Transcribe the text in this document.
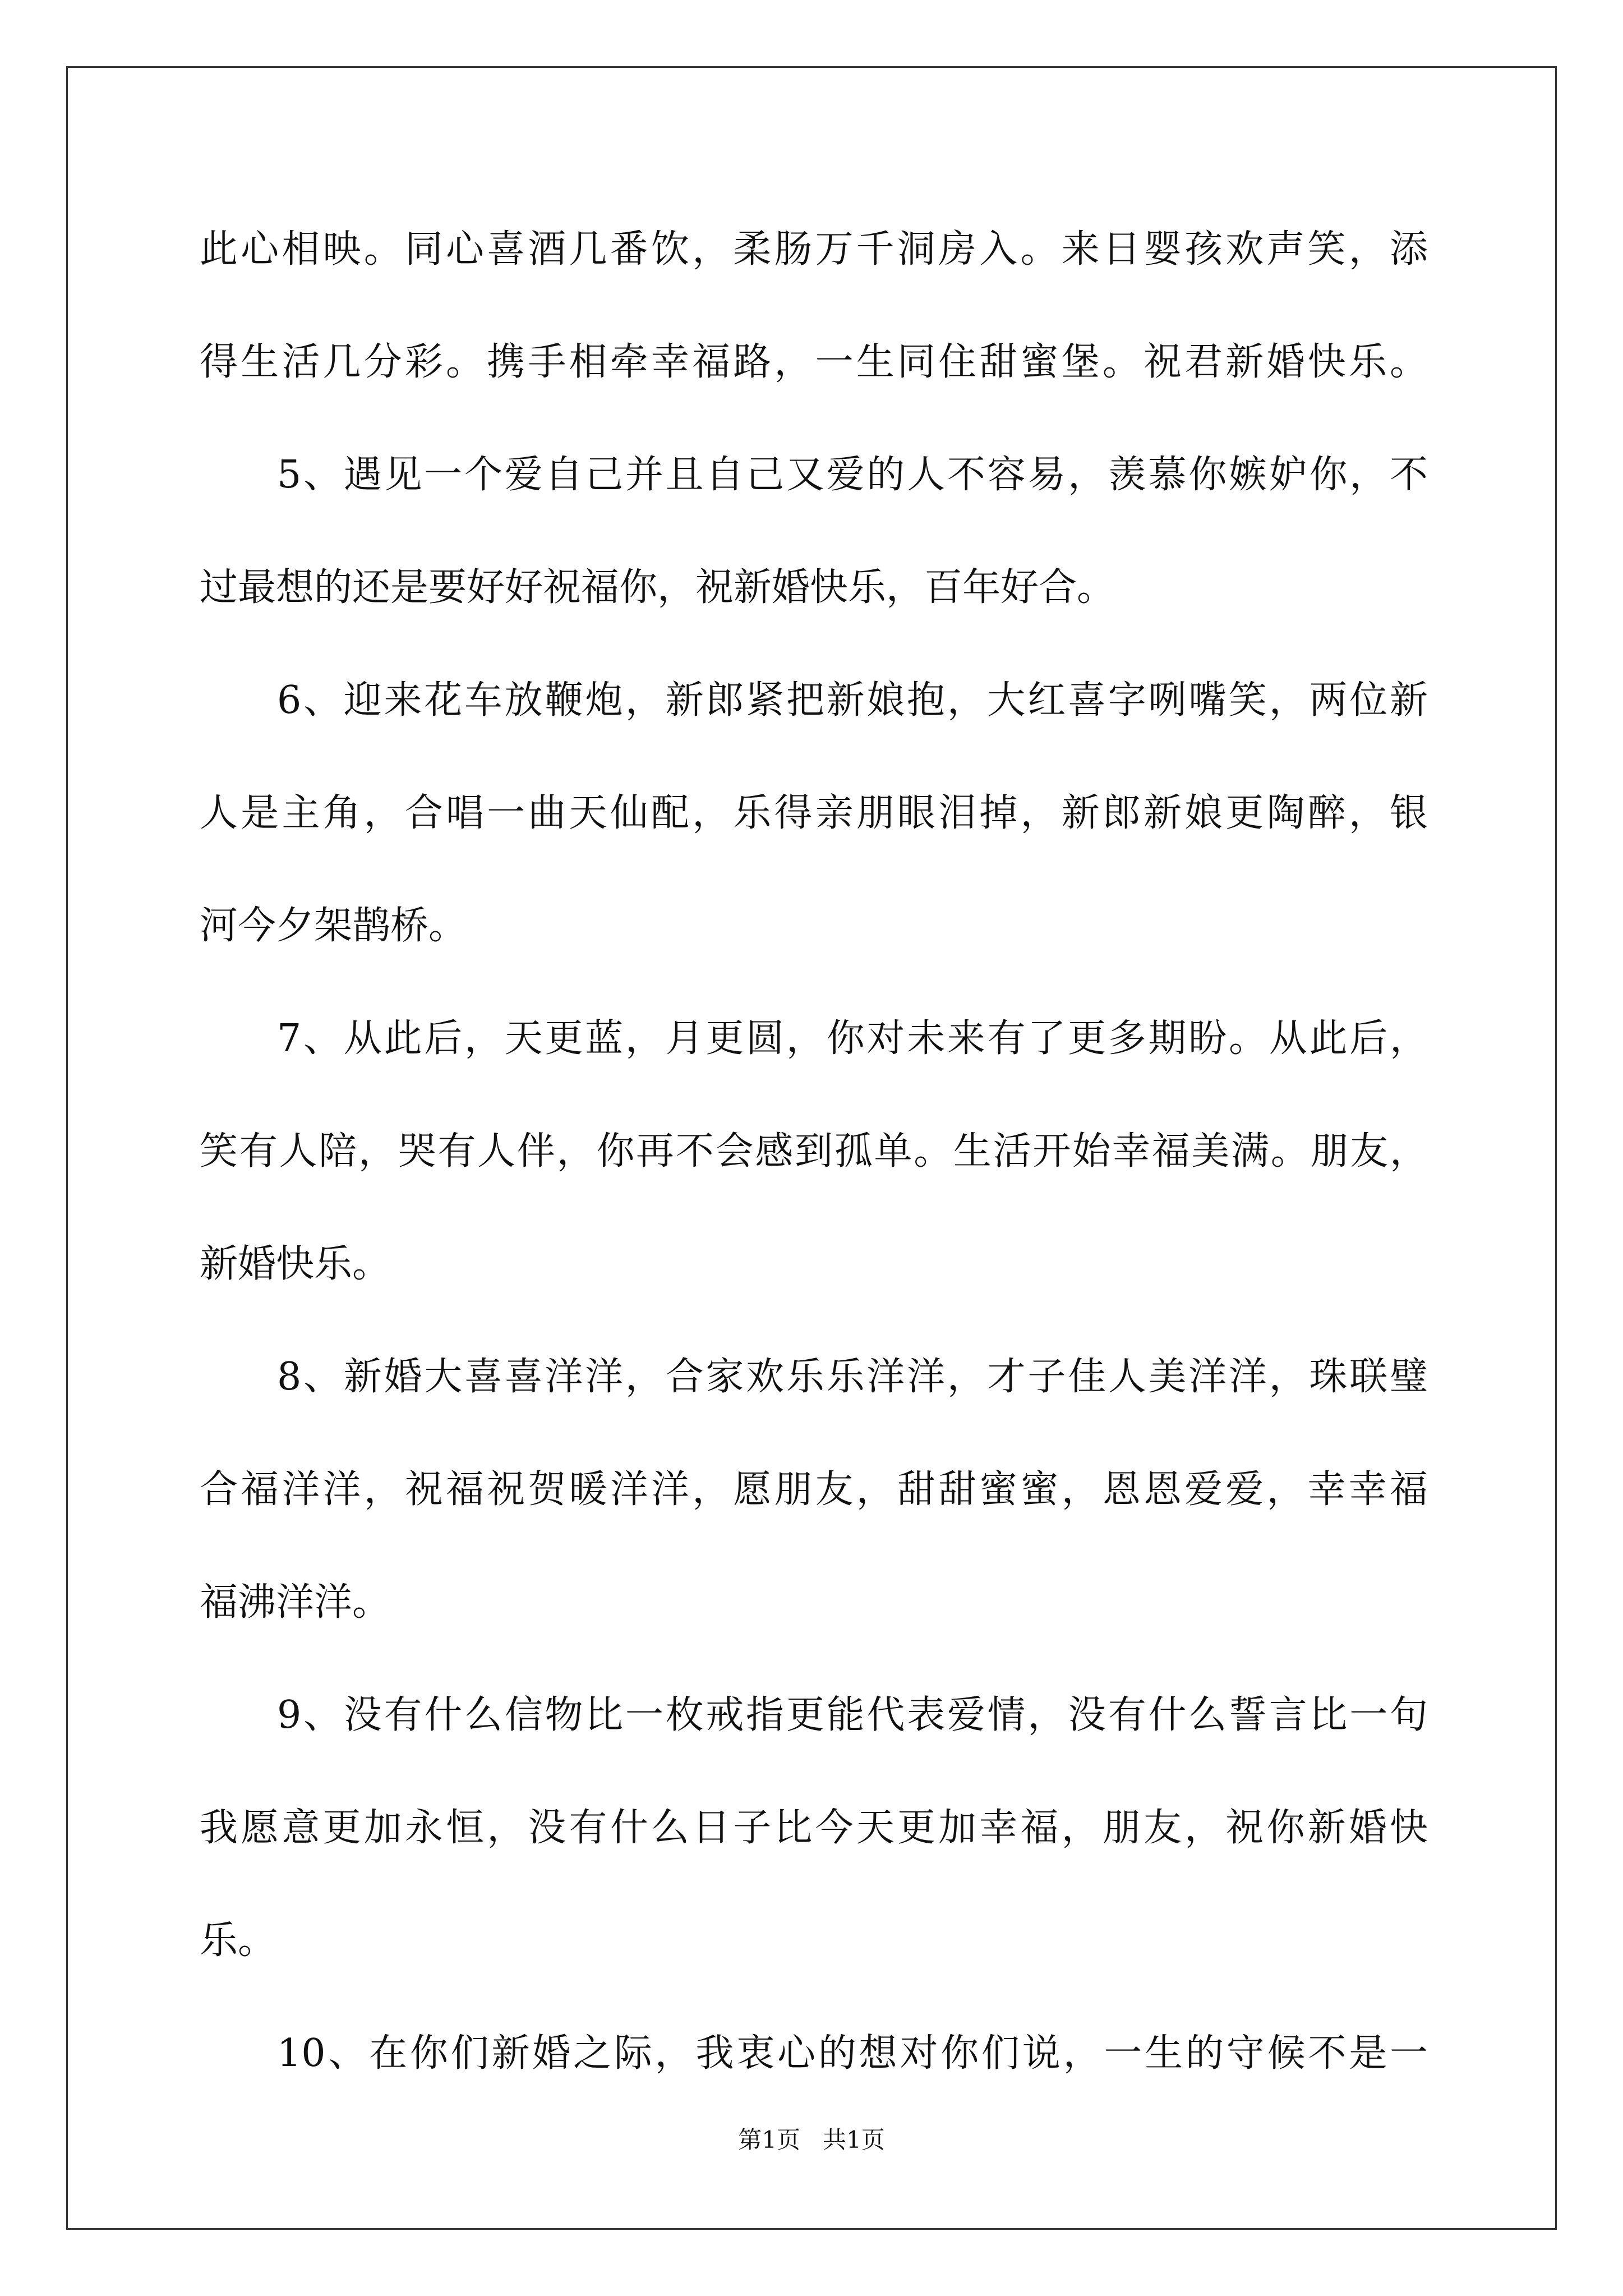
此心相映。同心喜酒几番饮，柔肠万千洞房入。来日婴孩欢声笑，添
得生活几分彩。携手相牵幸福路，一生同住甜蜜堡。祝君新婚快乐。
5、遇见一个爱自己并且自己又爱的人不容易，羡慕你嫉妒你，不
过最想的还是要好好祝福你，祝新婚快乐，百年好合。
6、迎来花车放鞭炮，新郎紧把新娘抱，大红喜字咧嘴笑，两位新
人是主角，合唱一曲天仙配，乐得亲朋眼泪掉，新郎新娘更陶醉，银
河今夕架鹊桥。
7、从此后，天更蓝，月更圆，你对未来有了更多期盼。从此后，
笑有人陪，哭有人伴，你再不会感到孤单。生活开始幸福美满。朋友，
新婚快乐。
8、新婚大喜喜洋洋，合家欢乐乐洋洋，才子佳人美洋洋，珠联璧
合福洋洋，祝福祝贺暖洋洋，愿朋友，甜甜蜜蜜，恩恩爱爱，幸幸福
福沸洋洋。
9、没有什么信物比一枚戒指更能代表爱情，没有什么誓言比一句
我愿意更加永恒，没有什么日子比今天更加幸福，朋友，祝你新婚快
乐。
10、在你们新婚之际，我衷心的想对你们说，一生的守候不是一
第1页 共1页
